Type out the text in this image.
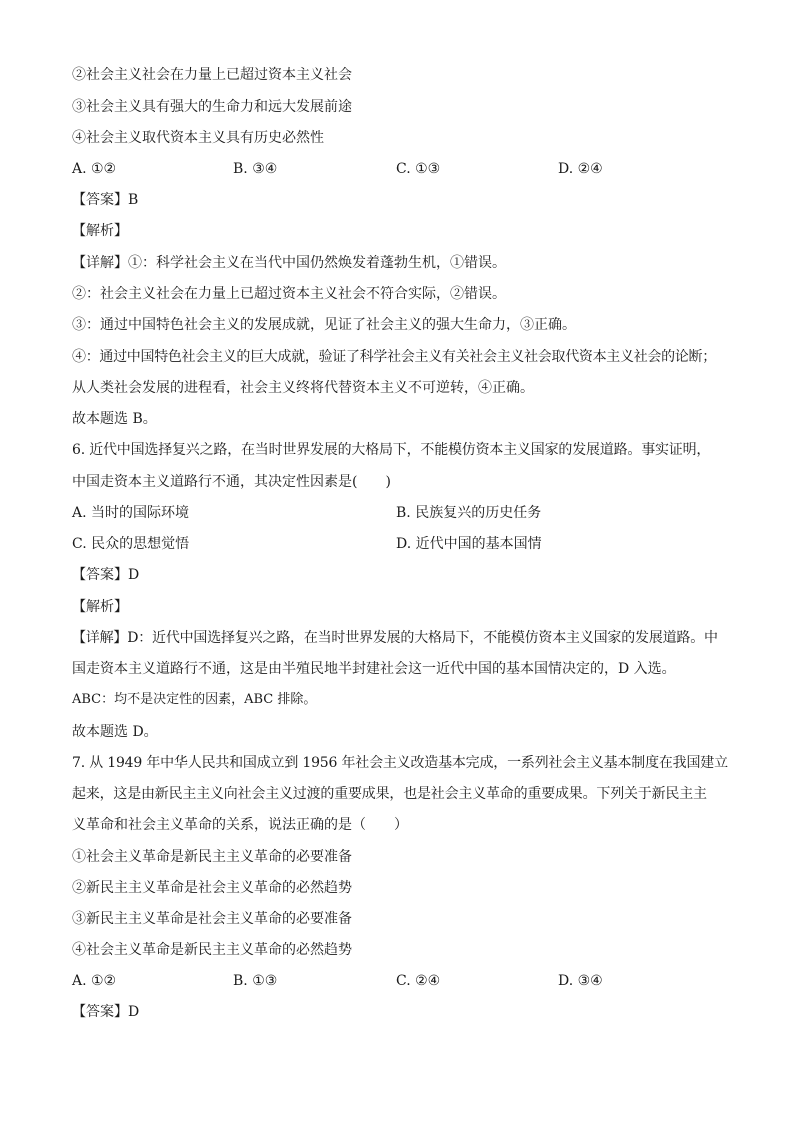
②社会主义社会在力量上已超过资本主义社会
③社会主义具有强大的生命力和远大发展前途
④社会主义取代资本主义具有历史必然性
A. ①②	B. ③④	C. ①③	D. ②④
【答案】B
【解析】
【详解】①：科学社会主义在当代中国仍然焕发着蓬勃生机，①错误。
②：社会主义社会在力量上已超过资本主义社会不符合实际，②错误。
③：通过中国特色社会主义的发展成就，见证了社会主义的强大生命力，③正确。
④：通过中国特色社会主义的巨大成就，验证了科学社会主义有关社会主义社会取代资本主义社会的论断；
从人类社会发展的进程看，社会主义终将代替资本主义不可逆转，④正确。
故本题选 B。
6. 近代中国选择复兴之路，在当时世界发展的大格局下，不能模仿资本主义国家的发展道路。事实证明，
中国走资本主义道路行不通，其决定性因素是(　　)
A. 当时的国际环境	B. 民族复兴的历史任务
C. 民众的思想觉悟	D. 近代中国的基本国情
【答案】D
【解析】
【详解】D：近代中国选择复兴之路，在当时世界发展的大格局下，不能模仿资本主义国家的发展道路。中
国走资本主义道路行不通，这是由半殖民地半封建社会这一近代中国的基本国情决定的，D 入选。
ABC：均不是决定性的因素，ABC 排除。
故本题选 D。
7. 从 1949 年中华人民共和国成立到 1956 年社会主义改造基本完成，一系列社会主义基本制度在我国建立
起来，这是由新民主主义向社会主义过渡的重要成果，也是社会主义革命的重要成果。下列关于新民主主
义革命和社会主义革命的关系，说法正确的是（　　）
①社会主义革命是新民主主义革命的必要准备
②新民主主义革命是社会主义革命的必然趋势
③新民主主义革命是社会主义革命的必要准备
④社会主义革命是新民主主义革命的必然趋势
A. ①②	B. ①③	C. ②④	D. ③④
【答案】D
